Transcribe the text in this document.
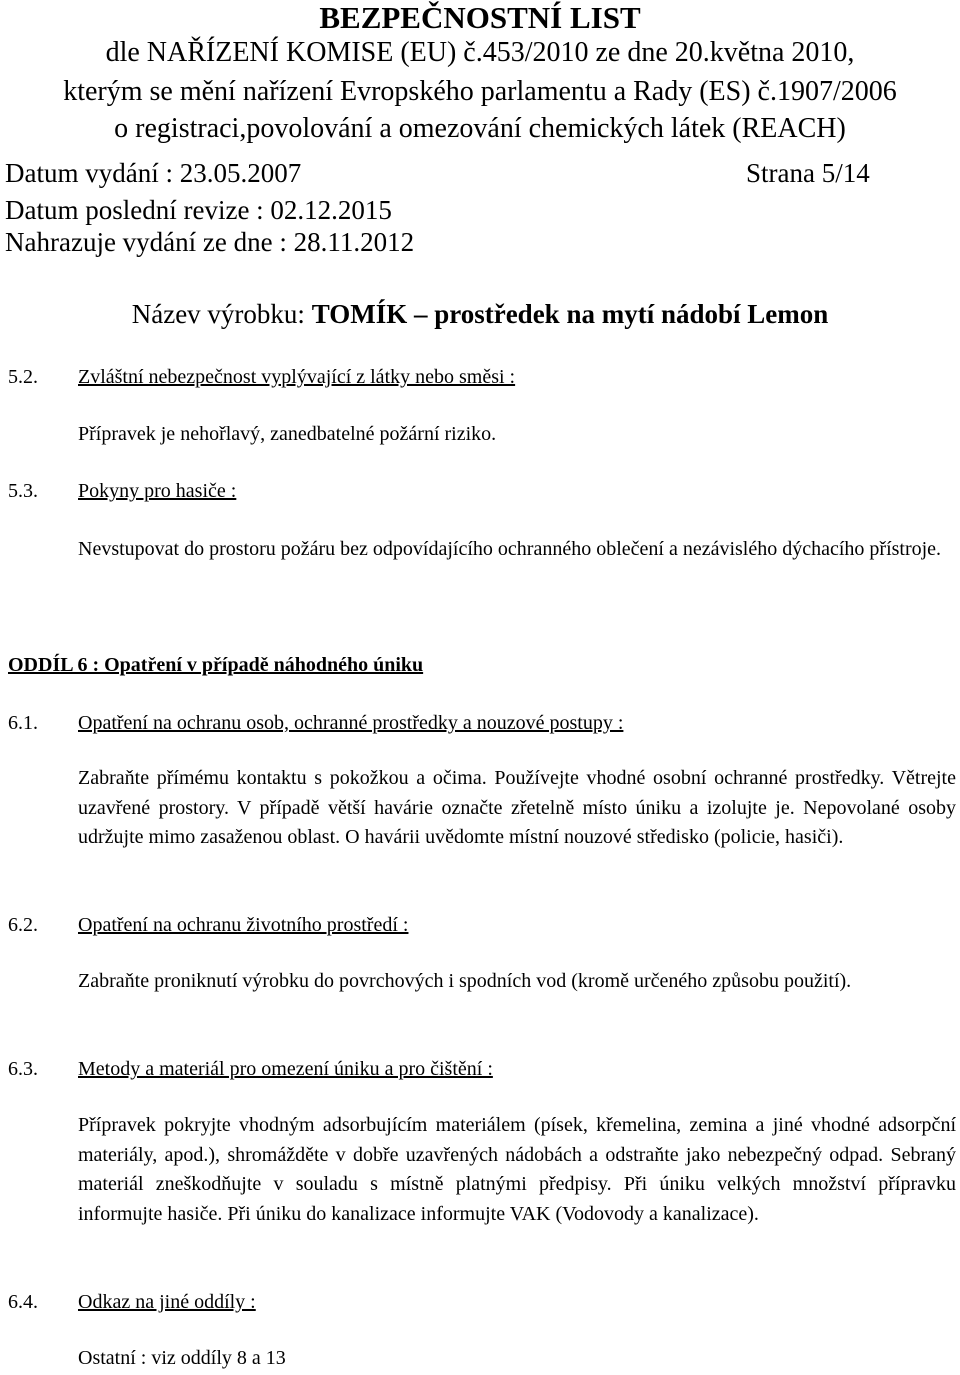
BEZPEČNOSTNÍ LIST
dle NAŘÍZENÍ KOMISE (EU) č.453/2010 ze dne 20.května 2010,
kterým se mění nařízení Evropského parlamentu a Rady (ES) č.1907/2006
o registraci,povolování a omezování chemických látek (REACH)
Datum vydání : 23.05.2007	Strana 5/14
Datum poslední revize : 02.12.2015
Nahrazuje vydání ze dne : 28.11.2012
Název výrobku: TOMÍK – prostředek na mytí nádobí Lemon
5.2. Zvláštní nebezpečnost vyplývající z látky nebo směsi :
Přípravek je nehořlavý, zanedbatelné požární riziko.
5.3. Pokyny pro hasiče :
Nevstupovat do prostoru požáru bez odpovídajícího ochranného oblečení a nezávislého dýchacího přístroje.
ODDÍL 6 : Opatření v případě náhodného úniku
6.1. Opatření na ochranu osob, ochranné prostředky a nouzové postupy :
Zabraňte přímému kontaktu s pokožkou a očima. Používejte vhodné osobní ochranné prostředky. Větrejte uzavřené prostory. V případě větší havárie označte zřetelně místo úniku a izolujte je. Nepovolané osoby udržujte mimo zasaženou oblast. O havárii uvědomte místní nouzové středisko (policie, hasiči).
6.2. Opatření na ochranu životního prostředí :
Zabraňte proniknutí výrobku do povrchových i spodních vod (kromě určeného způsobu použití).
6.3. Metody a materiál pro omezení úniku a pro čištění :
Přípravek pokryjte vhodným adsorbujícím materiálem (písek, křemelina, zemina a jiné vhodné adsorpční materiály, apod.), shromážděte v dobře uzavřených nádobách a odstraňte jako nebezpečný odpad. Sebraný materiál zneškodňujte v souladu s místně platnými předpisy. Při úniku velkých množství přípravku informujte hasiče. Při úniku do kanalizace informujte VAK (Vodovody a kanalizace).
6.4. Odkaz na jiné oddíly :
Ostatní : viz oddíly 8 a 13
